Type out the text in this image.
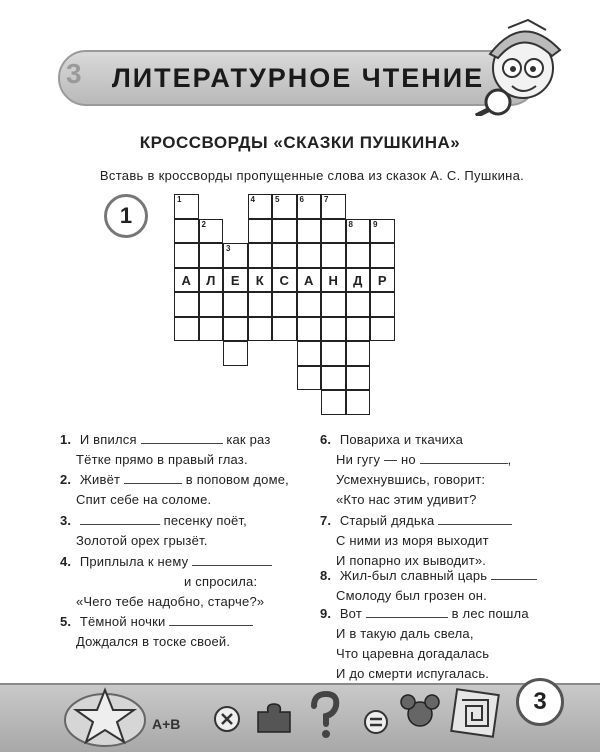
3 ЛИТЕРАТУРНОЕ ЧТЕНИЕ
КРОССВОРДЫ «СКАЗКИ ПУШКИНА»
Вставь в кроссворды пропущенные слова из сказок А. С. Пушкина.
1
1
А
2
Л
3
Е
4
К
5
С
6
А
7
Н
8
Д
9
Р
1. И впился	как раз
Тётке прямо в правый глаз.
2. Живёт	в поповом доме,
Спит себе на соломе.
3.	песенку поёт,
Золотой орех грызёт.
4. Приплыла к нему
и спросила:
«Чего тебе надобно, старче?»
5. Тёмной ночки
Дождался в тоске своей.
6. Повариха и ткачиха
Ни гугу — но	,
Усмехнувшись, говорит:
«Кто нас этим удивит?
7. Старый дядька
С ними из моря выходит
И попарно их выводит».
8. Жил-был славный царь
Смолоду был грозен он.
9. Вот	в лес пошла
И в такую даль свела,
Что царевна догадалась
И до смерти испугалась.
А+В
3
